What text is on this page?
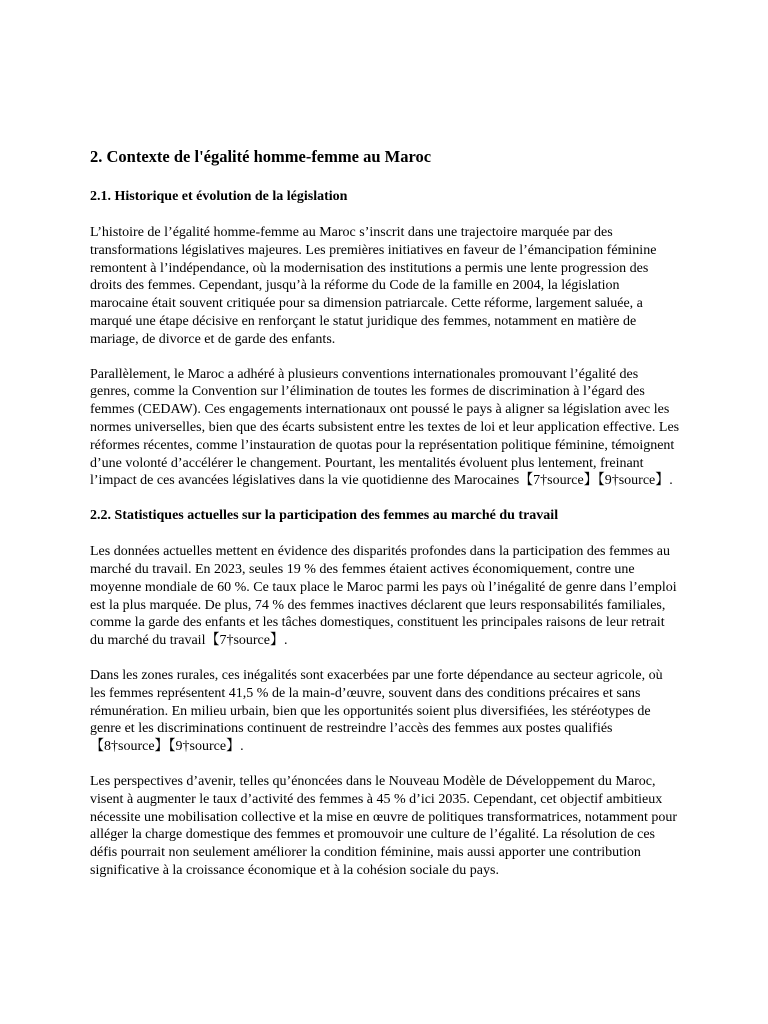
2. Contexte de l'égalité homme-femme au Maroc
2.1. Historique et évolution de la législation

L’histoire de l’égalité homme-femme au Maroc s’inscrit dans une trajectoire marquée par des transformations législatives majeures. Les premières initiatives en faveur de l’émancipation féminine remontent à l’indépendance, où la modernisation des institutions a permis une lente progression des droits des femmes. Cependant, jusqu’à la réforme du Code de la famille en 2004, la législation marocaine était souvent critiquée pour sa dimension patriarcale. Cette réforme, largement saluée, a marqué une étape décisive en renforçant le statut juridique des femmes, notamment en matière de mariage, de divorce et de garde des enfants.

Parallèlement, le Maroc a adhéré à plusieurs conventions internationales promouvant l’égalité des genres, comme la Convention sur l’élimination de toutes les formes de discrimination à l’égard des femmes (CEDAW). Ces engagements internationaux ont poussé le pays à aligner sa législation avec les normes universelles, bien que des écarts subsistent entre les textes de loi et leur application effective. Les réformes récentes, comme l’instauration de quotas pour la représentation politique féminine, témoignent d’une volonté d’accélérer le changement. Pourtant, les mentalités évoluent plus lentement, freinant l’impact de ces avancées législatives dans la vie quotidienne des Marocaines【7†source】【9†source】.

2.2. Statistiques actuelles sur la participation des femmes au marché du travail

Les données actuelles mettent en évidence des disparités profondes dans la participation des femmes au marché du travail. En 2023, seules 19 % des femmes étaient actives économiquement, contre une moyenne mondiale de 60 %. Ce taux place le Maroc parmi les pays où l’inégalité de genre dans l’emploi est la plus marquée. De plus, 74 % des femmes inactives déclarent que leurs responsabilités familiales, comme la garde des enfants et les tâches domestiques, constituent les principales raisons de leur retrait du marché du travail【7†source】.

Dans les zones rurales, ces inégalités sont exacerbées par une forte dépendance au secteur agricole, où les femmes représentent 41,5 % de la main-d’œuvre, souvent dans des conditions précaires et sans rémunération. En milieu urbain, bien que les opportunités soient plus diversifiées, les stéréotypes de genre et les discriminations continuent de restreindre l’accès des femmes aux postes qualifiés【8†source】【9†source】.

Les perspectives d’avenir, telles qu’énoncées dans le Nouveau Modèle de Développement du Maroc, visent à augmenter le taux d’activité des femmes à 45 % d’ici 2035. Cependant, cet objectif ambitieux nécessite une mobilisation collective et la mise en œuvre de politiques transformatrices, notamment pour alléger la charge domestique des femmes et promouvoir une culture de l’égalité. La résolution de ces défis pourrait non seulement améliorer la condition féminine, mais aussi apporter une contribution significative à la croissance économique et à la cohésion sociale du pays.
